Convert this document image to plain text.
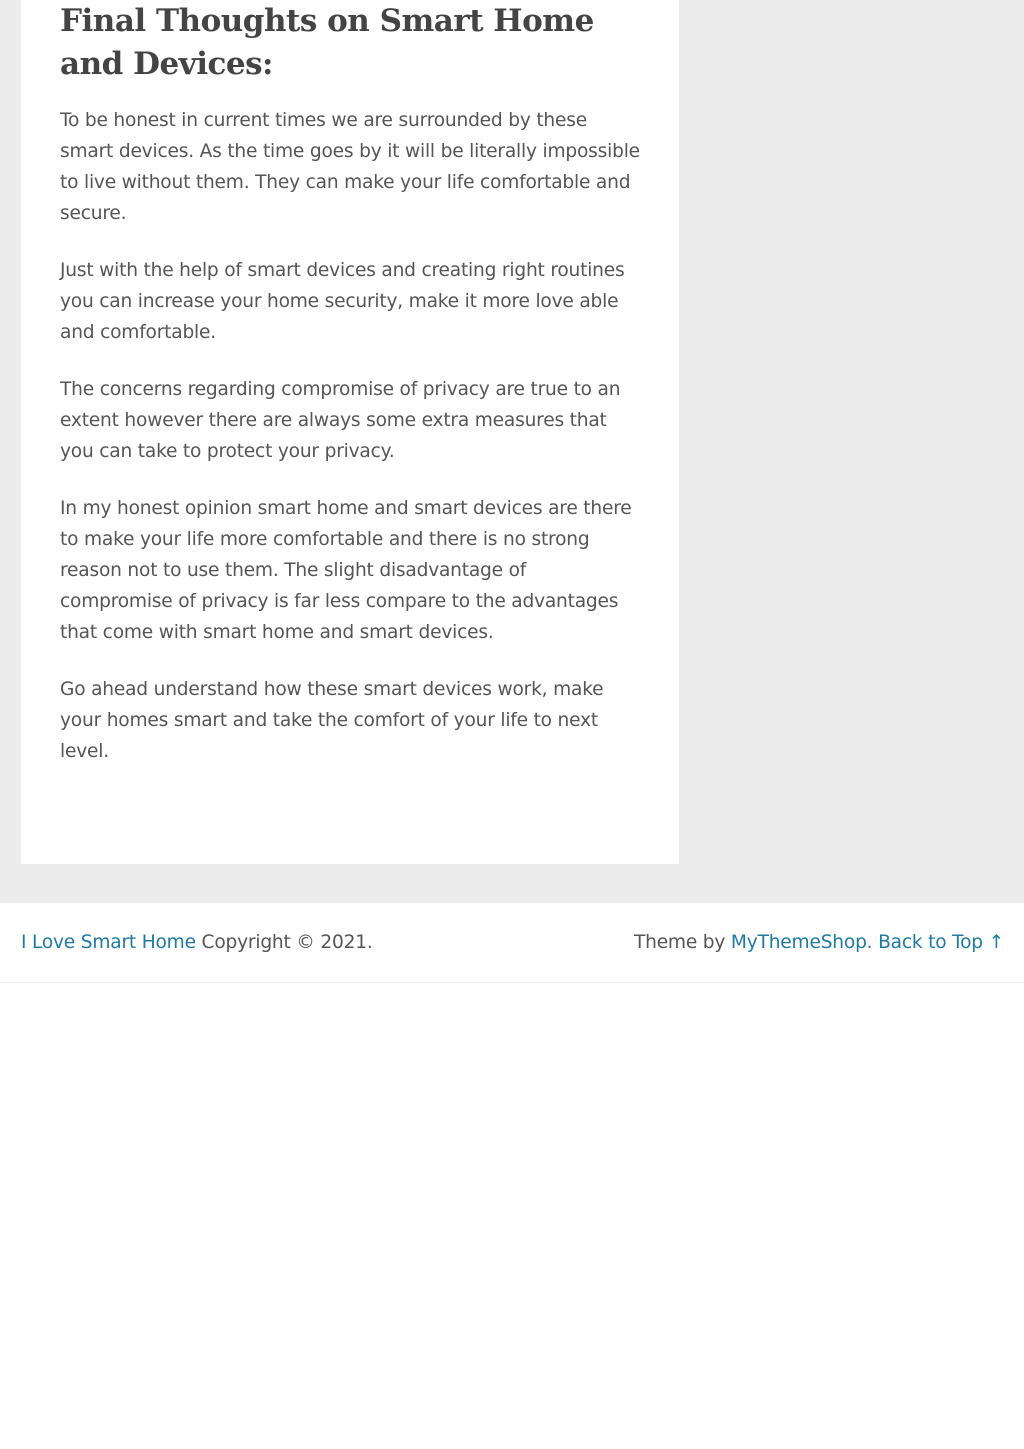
Final Thoughts on Smart Home and Devices:

To be honest in current times we are surrounded by these smart devices. As the time goes by it will be literally impossible to live without them. They can make your life comfortable and secure.

Just with the help of smart devices and creating right routines you can increase your home security, make it more love able and comfortable.

The concerns regarding compromise of privacy are true to an extent however there are always some extra measures that you can take to protect your privacy.

In my honest opinion smart home and smart devices are there to make your life more comfortable and there is no strong reason not to use them. The slight disadvantage of compromise of privacy is far less compare to the advantages that come with smart home and smart devices.

Go ahead understand how these smart devices work, make your homes smart and take the comfort of your life to next level.

I Love Smart Home Copyright © 2021.	Theme by MyThemeShop. Back to Top ↑
